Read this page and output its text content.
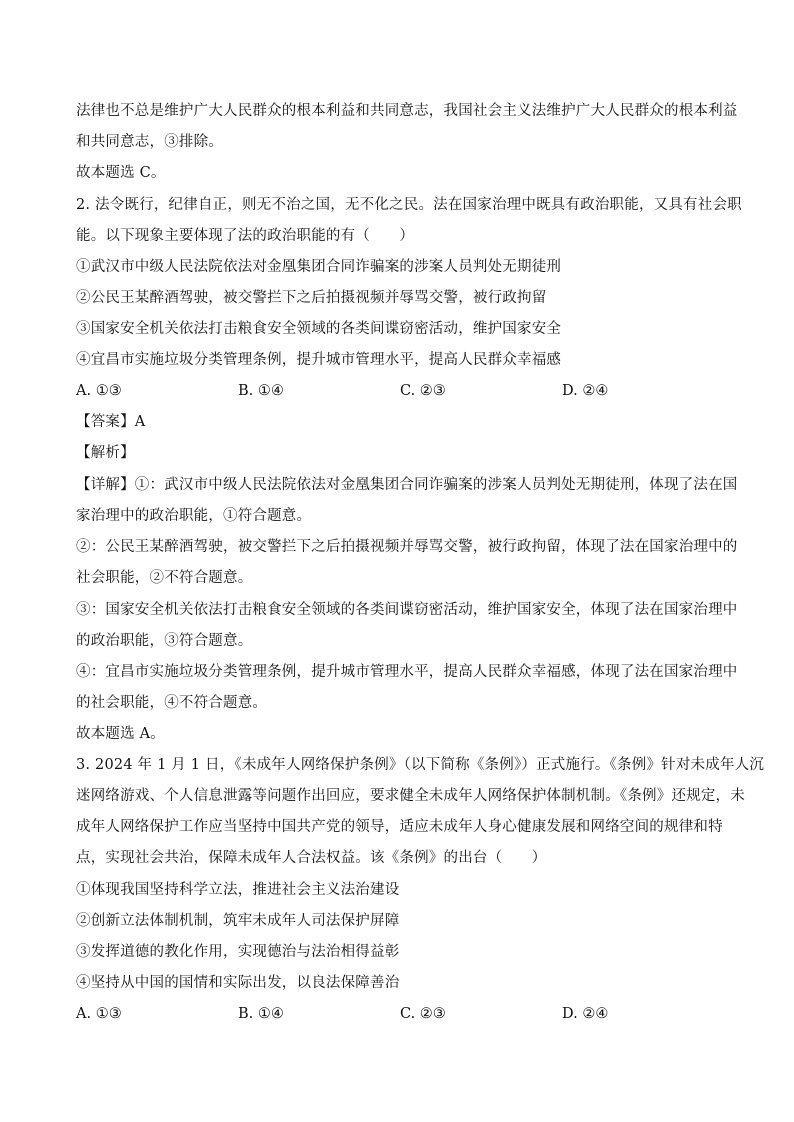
法律也不总是维护广大人民群众的根本利益和共同意志，我国社会主义法维护广大人民群众的根本利益
和共同意志，③排除。
故本题选 C。
2. 法令既行，纪律自正，则无不治之国，无不化之民。法在国家治理中既具有政治职能，又具有社会职
能。以下现象主要体现了法的政治职能的有（　　）
①武汉市中级人民法院依法对金凰集团合同诈骗案的涉案人员判处无期徒刑
②公民王某醉酒驾驶，被交警拦下之后拍摄视频并辱骂交警，被行政拘留
③国家安全机关依法打击粮食安全领域的各类间谍窃密活动，维护国家安全
④宜昌市实施垃圾分类管理条例，提升城市管理水平，提高人民群众幸福感
A. ①③	B. ①④	C. ②③	D. ②④
【答案】A
【解析】
【详解】①：武汉市中级人民法院依法对金凰集团合同诈骗案的涉案人员判处无期徒刑，体现了法在国
家治理中的政治职能，①符合题意。
②：公民王某醉酒驾驶，被交警拦下之后拍摄视频并辱骂交警，被行政拘留，体现了法在国家治理中的
社会职能，②不符合题意。
③：国家安全机关依法打击粮食安全领域的各类间谍窃密活动，维护国家安全，体现了法在国家治理中
的政治职能，③符合题意。
④：宜昌市实施垃圾分类管理条例，提升城市管理水平，提高人民群众幸福感，体现了法在国家治理中
的社会职能，④不符合题意。
故本题选 A。
3. 2024 年 1 月 1 日，《未成年人网络保护条例》（以下简称《条例》）正式施行。《条例》针对未成年人沉
迷网络游戏、个人信息泄露等问题作出回应，要求健全未成年人网络保护体制机制。《条例》还规定，未
成年人网络保护工作应当坚持中国共产党的领导，适应未成年人身心健康发展和网络空间的规律和特
点，实现社会共治，保障未成年人合法权益。该《条例》的出台（　　）
①体现我国坚持科学立法，推进社会主义法治建设
②创新立法体制机制，筑牢未成年人司法保护屏障
③发挥道德的教化作用，实现德治与法治相得益彰
④坚持从中国的国情和实际出发，以良法保障善治
A. ①③	B. ①④	C. ②③	D. ②④
